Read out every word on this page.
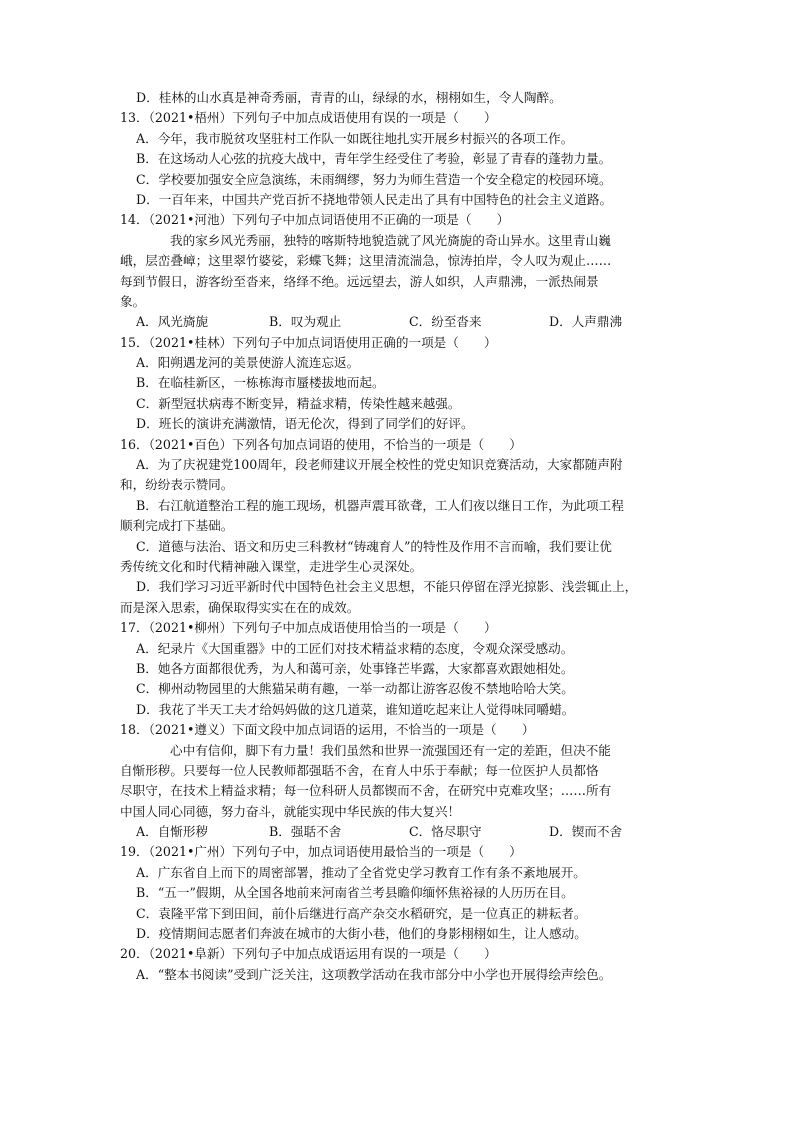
D．桂林的山水真是神奇秀丽，青青的山，绿绿的水，栩栩如生，令人陶醉。
13．（2021•梧州）下列句子中加点成语使用有误的一项是（　　）
A．今年，我市脱贫攻坚驻村工作队一如既往地扎实开展乡村振兴的各项工作。
B．在这场动人心弦的抗疫大战中，青年学生经受住了考验，彰显了青春的蓬勃力量。
C．学校要加强安全应急演练，未雨绸缪，努力为师生营造一个安全稳定的校园环境。
D．一百年来，中国共产党百折不挠地带领人民走出了具有中国特色的社会主义道路。
14．（2021•河池）下列句子中加点词语使用不正确的一项是（　　）
我的家乡风光秀丽，独特的喀斯特地貌造就了风光旖旎的奇山异水。这里青山巍
峨，层峦叠嶂；这里翠竹婆娑，彩蝶飞舞；这里清流湍急，惊涛拍岸，令人叹为观止……
每到节假日，游客纷至沓来，络绎不绝。远远望去，游人如织，人声鼎沸，一派热闹景
象。
A．风光旖旎	B．叹为观止	C．纷至沓来	D．人声鼎沸
15．（2021•桂林）下列句子中加点词语使用正确的一项是（　　）
A．阳朔遇龙河的美景使游人流连忘返。
B．在临桂新区，一栋栋海市蜃楼拔地而起。
C．新型冠状病毒不断变异，精益求精，传染性越来越强。
D．班长的演讲充满激情，语无伦次，得到了同学们的好评。
16．（2021•百色）下列各句加点词语的使用，不恰当的一项是（　　）
A．为了庆祝建党100周年，段老师建议开展全校性的党史知识竞赛活动，大家都随声附
和，纷纷表示赞同。
B．右江航道整治工程的施工现场，机器声震耳欲聋，工人们夜以继日工作，为此项工程
顺利完成打下基础。
C．道德与法治、语文和历史三科教材“铸魂育人”的特性及作用不言而喻，我们要让优
秀传统文化和时代精神融入课堂，走进学生心灵深处。
D．我们学习习近平新时代中国特色社会主义思想，不能只停留在浮光掠影、浅尝辄止上，
而是深入思索，确保取得实实在在的成效。
17．（2021•柳州）下列句子中加点成语使用恰当的一项是（　　）
A．纪录片《大国重器》中的工匠们对技术精益求精的态度，令观众深受感动。
B．她各方面都很优秀，为人和蔼可亲，处事锋芒毕露，大家都喜欢跟她相处。
C．柳州动物园里的大熊猫呆萌有趣，一举一动都让游客忍俊不禁地哈哈大笑。
D．我花了半天工夫才给妈妈做的这几道菜，谁知道吃起来让人觉得味同嚼蜡。
18．（2021•遵义）下面文段中加点词语的运用，不恰当的一项是（　　）
心中有信仰，脚下有力量！我们虽然和世界一流强国还有一定的差距，但决不能
自惭形秽。只要每一位人民教师都强聒不舍，在育人中乐于奉献；每一位医护人员都恪
尽职守，在技术上精益求精；每一位科研人员都锲而不舍，在研究中克难攻坚；……所有
中国人同心同德，努力奋斗，就能实现中华民族的伟大复兴！
A．自惭形秽	B．强聒不舍	C．恪尽职守	D．锲而不舍
19．（2021•广州）下列句子中，加点词语使用最恰当的一项是（　　）
A．广东省自上而下的周密部署，推动了全省党史学习教育工作有条不紊地展开。
B．“五一”假期，从全国各地前来河南省兰考县瞻仰缅怀焦裕禄的人历历在目。
C．袁隆平常下到田间，前仆后继进行高产杂交水稻研究，是一位真正的耕耘者。
D．疫情期间志愿者们奔波在城市的大街小巷，他们的身影栩栩如生，让人感动。
20．（2021•阜新）下列句子中加点成语运用有误的一项是（　　）
A．“整本书阅读”受到广泛关注，这项教学活动在我市部分中小学也开展得绘声绘色。
